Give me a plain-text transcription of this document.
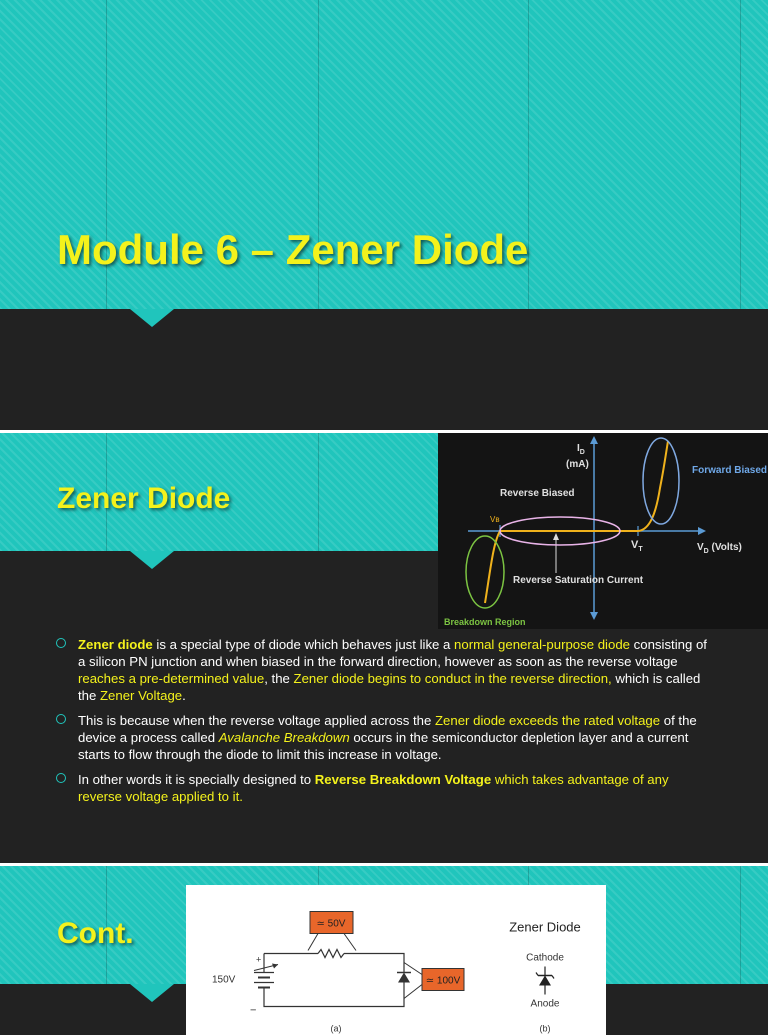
Module 6 – Zener Diode
Zener Diode
$I_D$
(mA)
Forward Biased
Reverse Biased
Vʙ
$V_T$	$V_D$ (Volts)
Reverse Saturation Current
Breakdown Region
Zener diode is a special type of diode which behaves just like a normal general-purpose diode consisting of a silicon PN junction and when biased in the forward direction, however as soon as the reverse voltage reaches a pre-determined value, the Zener diode begins to conduct in the reverse direction, which is called the Zener Voltage.
This is because when the reverse voltage applied across the Zener diode exceeds the rated voltage of the device a process called Avalanche Breakdown occurs in the semiconductor depletion layer and a current starts to flow through the diode to limit this increase in voltage.
In other words it is specially designed to Reverse Breakdown Voltage which takes advantage of any reverse voltage applied to it.
Cont.	≃ 50V
+
−
150V	≃ 100V
Zener Diode
Cathode
Anode
(a)	(b)
